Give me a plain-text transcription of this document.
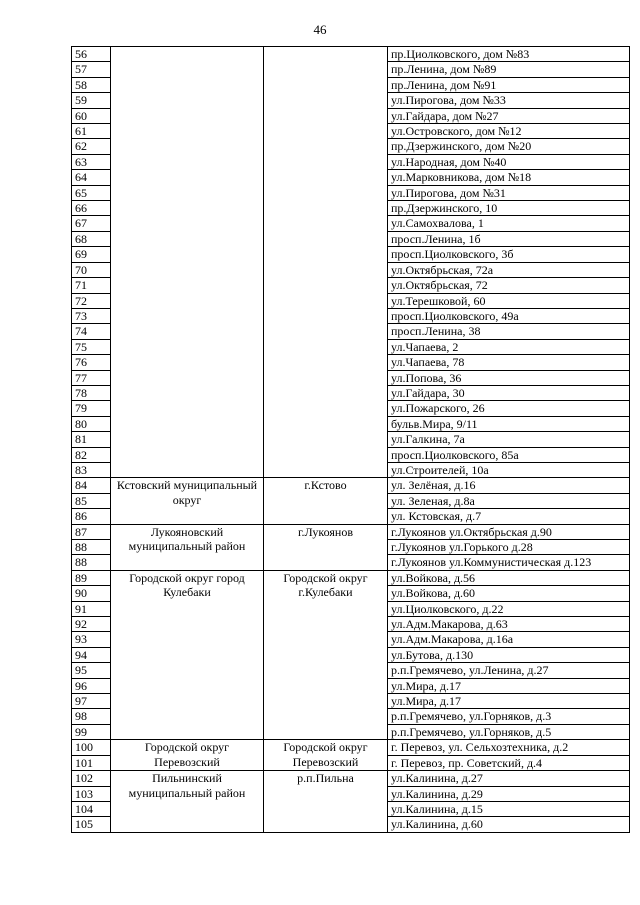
46
56			пр.Циолковского, дом №83
57			пр.Ленина, дом №89
58			пр.Ленина, дом №91
59			ул.Пирогова, дом №33
60			ул.Гайдара, дом №27
61			ул.Островского, дом №12
62			пр.Дзержинского, дом №20
63			ул.Народная, дом №40
64			ул.Марковникова, дом №18
65			ул.Пирогова, дом №31
66			пр.Дзержинского, 10
67			ул.Самохвалова, 1
68			просп.Ленина, 1б
69			просп.Циолковского, 3б
70			ул.Октябрьская, 72а
71			ул.Октябрьская, 72
72			ул.Терешковой, 60
73			просп.Циолковского, 49а
74			просп.Ленина, 38
75			ул.Чапаева, 2
76			ул.Чапаева, 78
77			ул.Попова, 36
78			ул.Гайдара, 30
79			ул.Пожарского, 26
80			бульв.Мира, 9/11
81			ул.Галкина, 7а
82			просп.Циолковского, 85а
83			ул.Строителей, 10а
84	Кстовский муниципальный округ	г.Кстово	ул. Зелёная, д.16
85			ул. Зеленая, д.8а
86			ул. Кстовская, д.7
87	Лукояновский муниципальный район	г.Лукоянов	г.Лукоянов ул.Октябрьская д.90
88			г.Лукоянов ул.Горького д.28
88			г.Лукоянов ул.Коммунистическая д.123
89	Городской округ город Кулебаки	Городской округ г.Кулебаки	ул.Войкова, д.56
90			ул.Войкова, д.60
91			ул.Циолковского, д.22
92			ул.Адм.Макарова, д.63
93			ул.Адм.Макарова, д.16а
94			ул.Бутова, д.130
95			р.п.Гремячево, ул.Ленина, д.27
96			ул.Мира, д.17
97			ул.Мира, д.17
98			р.п.Гремячево, ул.Горняков, д.3
99			р.п.Гремячево, ул.Горняков, д.5
100	Городской округ Перевозский	Городской округ Перевозский	г. Перевоз, ул. Сельхозтехника, д.2
101			г. Перевоз, пр. Советский, д.4
102	Пильнинский муниципальный район	р.п.Пильна	ул.Калинина, д.27
103			ул.Калинина, д.29
104			ул.Калинина, д.15
105			ул.Калинина, д.60
